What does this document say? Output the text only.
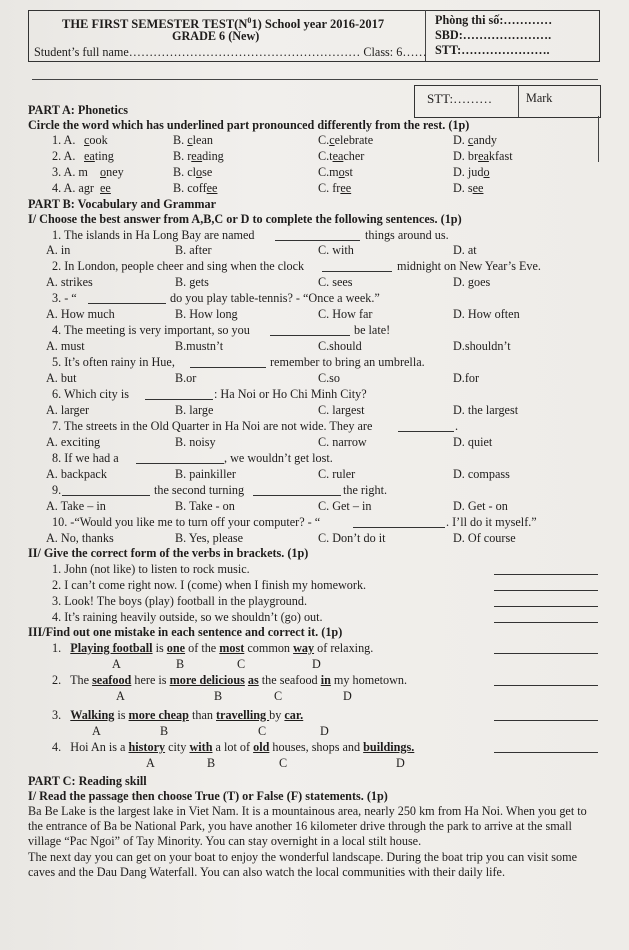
THE FIRST SEMESTER $TEST(N^01)$ School year 2016-2017
GRADE 6 (New)
Student’s full name………………………………………………… Class: 6……
Phòng thi số:…………
SBD:………………….
STT:………………….
STT:………	Mark
PART A: Phonetics
Circle the word which has underlined part pronounced differently from the rest. (1p)
1. A. cook	B. clean	C.celebrate	D. candy
2. A. eating	B. reading	C.teacher	D. breakfast
3. A. m oney	B. close	C.most	D. judo
4. A. agr ee	B. coffee	C. free	D. see
PART B: Vocabulary and Grammar
I/ Choose the best answer from A,B,C or D to complete the following sentences. (1p)
1. The islands in Ha Long Bay are named	things around us.
A. in	B. after	C. with	D. at
2. In London, people cheer and sing when the clock	midnight on New Year’s Eve.
A. strikes	B. gets	C. sees	D. goes
3. - “	do you play table-tennis? - “Once a week.”
A. How much	B. How long	C. How far	D. How often
4. The meeting is very important, so you	be late!
A. must	B.mustn’t	C.should	D.shouldn’t
5. It’s often rainy in Hue,	remember to bring an umbrella.
A. but	B.or	C.so	D.for
6. Which city is	: Ha Noi or Ho Chi Minh City?
A. larger	B. large	C. largest	D. the largest
7. The streets in the Old Quarter in Ha Noi are not wide. They are	.
A. exciting	B. noisy	C. narrow	D. quiet
8. If we had a	, we wouldn’t get lost.
A. backpack	B. painkiller	C. ruler	D. compass
9.	the second turning	the right.
A. Take – in	B. Take - on	C. Get – in	D. Get - on
10. -“Would you like me to turn off your computer? - “	. I’ll do it myself.”
A. No, thanks	B. Yes, please	C. Don’t do it	D. Of course
II/ Give the correct form of the verbs in brackets. (1p)
1. John (not like) to listen to rock music.
2. I can’t come right now. I (come) when I finish my homework.
3. Look! The boys (play) football in the playground.
4. It’s raining heavily outside, so we shouldn’t (go) out.
III/Find out one mistake in each sentence and correct it. (1p)
1. Playing football is one of the most common way of relaxing.
A	B	C	D
2. The seafood here is more delicious as the seafood in my hometown.
A	B	C	D
3. Walking is more cheap than travelling by car.
A	B	C	D
4. Hoi An is a history city with a lot of old houses, shops and buildings.
A	B	C	D
PART C: Reading skill
I/ Read the passage then choose True (T) or False (F) statements. (1p)
Ba Be Lake is the largest lake in Viet Nam. It is a mountainous area, nearly 250 km from Ha Noi. When you get to
the entrance of Ba be National Park, you have another 16 kilometer drive through the park to arrive at the small
village “Pac Ngoi” of Tay Minority. You can stay overnight in a local stilt house.
The next day you can get on your boat to enjoy the wonderful landscape. During the boat trip you can visit some
caves and the Dau Dang Waterfall. You can also watch the local communities with their daily life.
